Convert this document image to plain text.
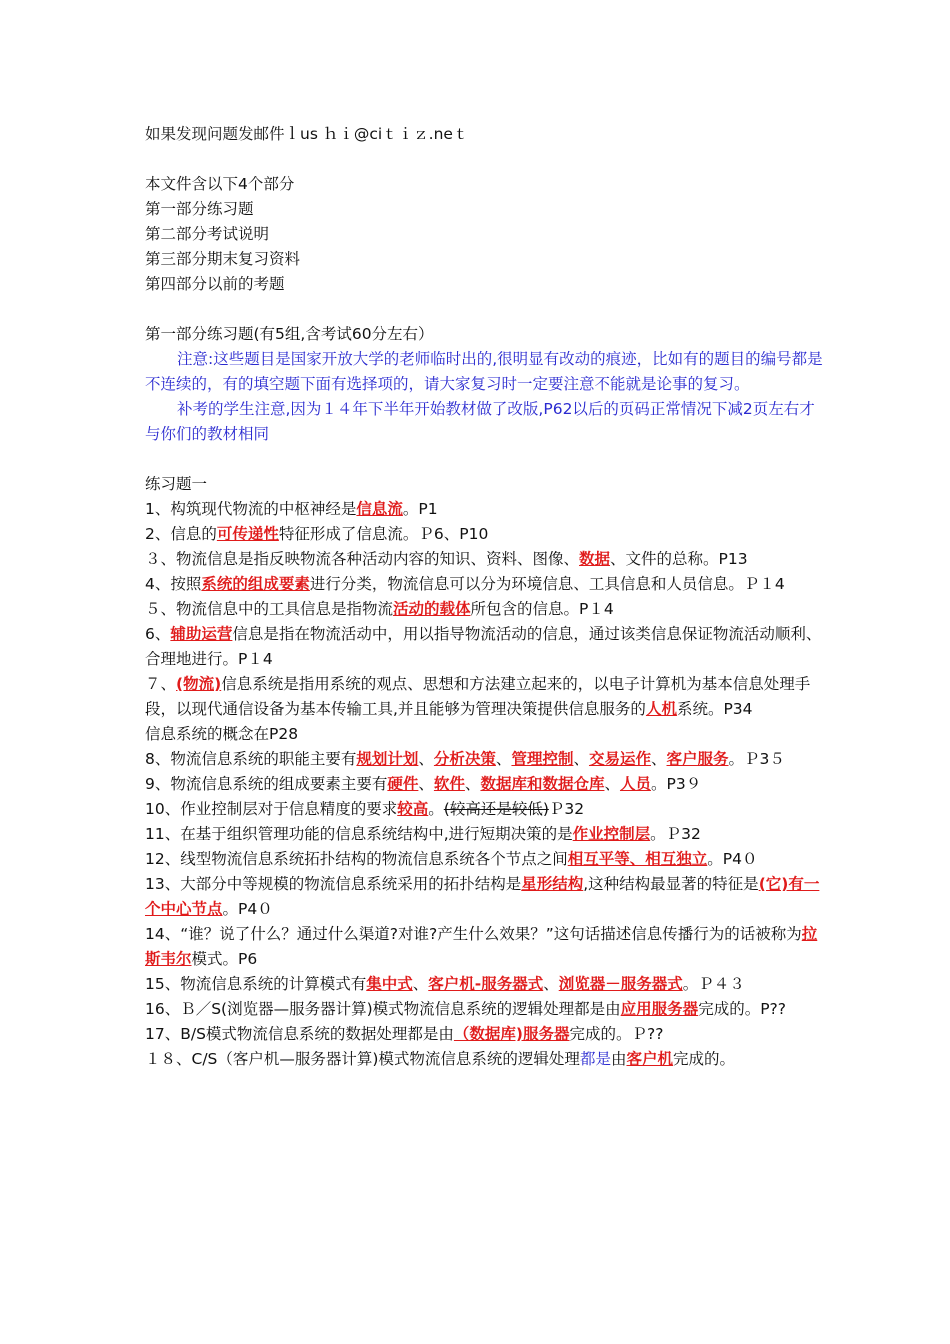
如果发现问题发邮件ｌus ｈｉ@ciｔｉｚ.neｔ
本文件含以下4个部分
第一部分练习题
第二部分考试说明
第三部分期末复习资料
第四部分以前的考题
第一部分练习题(有5组,含考试60分左右）
注意:这些题目是国家开放大学的老师临时出的,很明显有改动的痕迹，比如有的题目的编号都是不连续的，有的填空题下面有选择项的，请大家复习时一定要注意不能就是论事的复习。
补考的学生注意,因为１４年下半年开始教材做了改版,P62以后的页码正常情况下减2页左右才与你们的教材相同
练习题一
1、构筑现代物流的中枢神经是信息流。P1
2、信息的可传递性特征形成了信息流。Ｐ6、P10
３、物流信息是指反映物流各种活动内容的知识、资料、图像、数据、文件的总称。P13
4、按照系统的组成要素进行分类，物流信息可以分为环境信息、工具信息和人员信息。Ｐ１4
５、物流信息中的工具信息是指物流活动的载体所包含的信息。P１4
6、辅助运营信息是指在物流活动中，用以指导物流活动的信息，通过该类信息保证物流活动顺利、合理地进行。P１4
７、(物流)信息系统是指用系统的观点、思想和方法建立起来的，以电子计算机为基本信息处理手段，以现代通信设备为基本传输工具,并且能够为管理决策提供信息服务的人机系统。P34
信息系统的概念在P28
8、物流信息系统的职能主要有规划计划、分析决策、管理控制、交易运作、客户服务。Ｐ3５
9、物流信息系统的组成要素主要有硬件、软件、数据库和数据仓库、人员。P3９
10、作业控制层对于信息精度的要求较高。(较高还是较低)Ｐ32
11、在基于组织管理功能的信息系统结构中,进行短期决策的是作业控制层。Ｐ32
12、线型物流信息系统拓扑结构的物流信息系统各个节点之间相互平等、相互独立。P4０
13、大部分中等规模的物流信息系统采用的拓扑结构是星形结构,这种结构最显著的特征是(它)有一个中心节点。P4０
14、“谁？说了什么？通过什么渠道?对谁?产生什么效果？”这句话描述信息传播行为的话被称为拉斯韦尔模式。P6
15、物流信息系统的计算模式有集中式、客户机-服务器式、浏览器－服务器式。Ｐ４３
16、Ｂ／S(浏览器—服务器计算)模式物流信息系统的逻辑处理都是由应用服务器完成的。P??
17、B/S模式物流信息系统的数据处理都是由（数据库)服务器完成的。Ｐ??
１８、C/S（客户机—服务器计算)模式物流信息系统的逻辑处理都是由客户机完成的。
